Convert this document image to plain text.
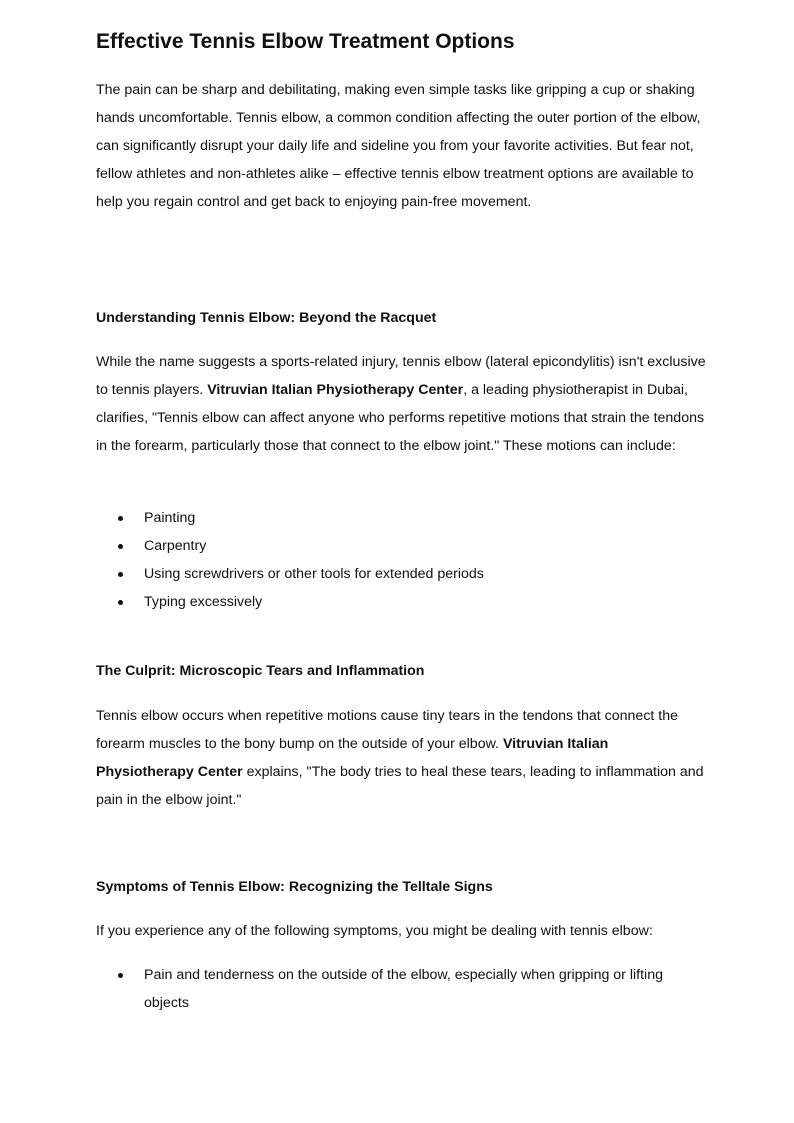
Effective Tennis Elbow Treatment Options

The pain can be sharp and debilitating, making even simple tasks like gripping a cup or shaking hands uncomfortable. Tennis elbow, a common condition affecting the outer portion of the elbow, can significantly disrupt your daily life and sideline you from your favorite activities. But fear not, fellow athletes and non-athletes alike – effective tennis elbow treatment options are available to help you regain control and get back to enjoying pain-free movement.

Understanding Tennis Elbow: Beyond the Racquet

While the name suggests a sports-related injury, tennis elbow (lateral epicondylitis) isn't exclusive to tennis players. Vitruvian Italian Physiotherapy Center, a leading physiotherapist in Dubai, clarifies, "Tennis elbow can affect anyone who performs repetitive motions that strain the tendons in the forearm, particularly those that connect to the elbow joint." These motions can include:

Painting
Carpentry
Using screwdrivers or other tools for extended periods
Typing excessively
The Culprit: Microscopic Tears and Inflammation

Tennis elbow occurs when repetitive motions cause tiny tears in the tendons that connect the forearm muscles to the bony bump on the outside of your elbow. Vitruvian Italian Physiotherapy Center explains, "The body tries to heal these tears, leading to inflammation and pain in the elbow joint."

Symptoms of Tennis Elbow: Recognizing the Telltale Signs

If you experience any of the following symptoms, you might be dealing with tennis elbow:

Pain and tenderness on the outside of the elbow, especially when gripping or lifting objects
